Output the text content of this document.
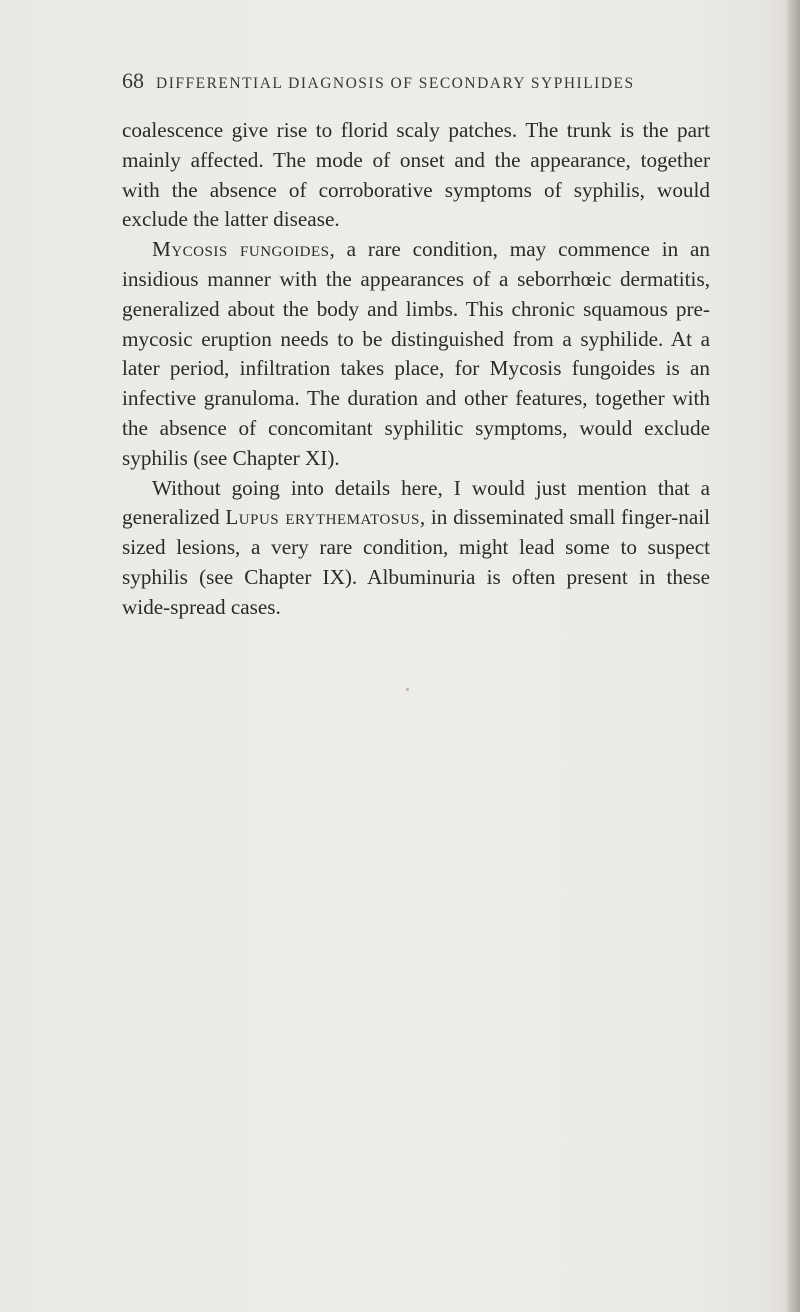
68 DIFFERENTIAL DIAGNOSIS OF SECONDARY SYPHILIDES

coalescence give rise to florid scaly patches. The trunk is the part mainly affected. The mode of onset and the appearance, together with the absence of corroborative symptoms of syphilis, would exclude the latter disease.

Mycosis fungoides, a rare condition, may commence in an insidious manner with the appearances of a seborrhœic dermatitis, generalized about the body and limbs. This chronic squamous pre-mycosic eruption needs to be distinguished from a syphilide. At a later period, infiltration takes place, for Mycosis fungoides is an infective granuloma. The duration and other features, together with the absence of concomitant syphilitic symptoms, would exclude syphilis (see Chapter XI).

Without going into details here, I would just mention that a generalized Lupus erythematosus, in disseminated small finger-nail sized lesions, a very rare condition, might lead some to suspect syphilis (see Chapter IX). Albuminuria is often present in these wide-spread cases.
